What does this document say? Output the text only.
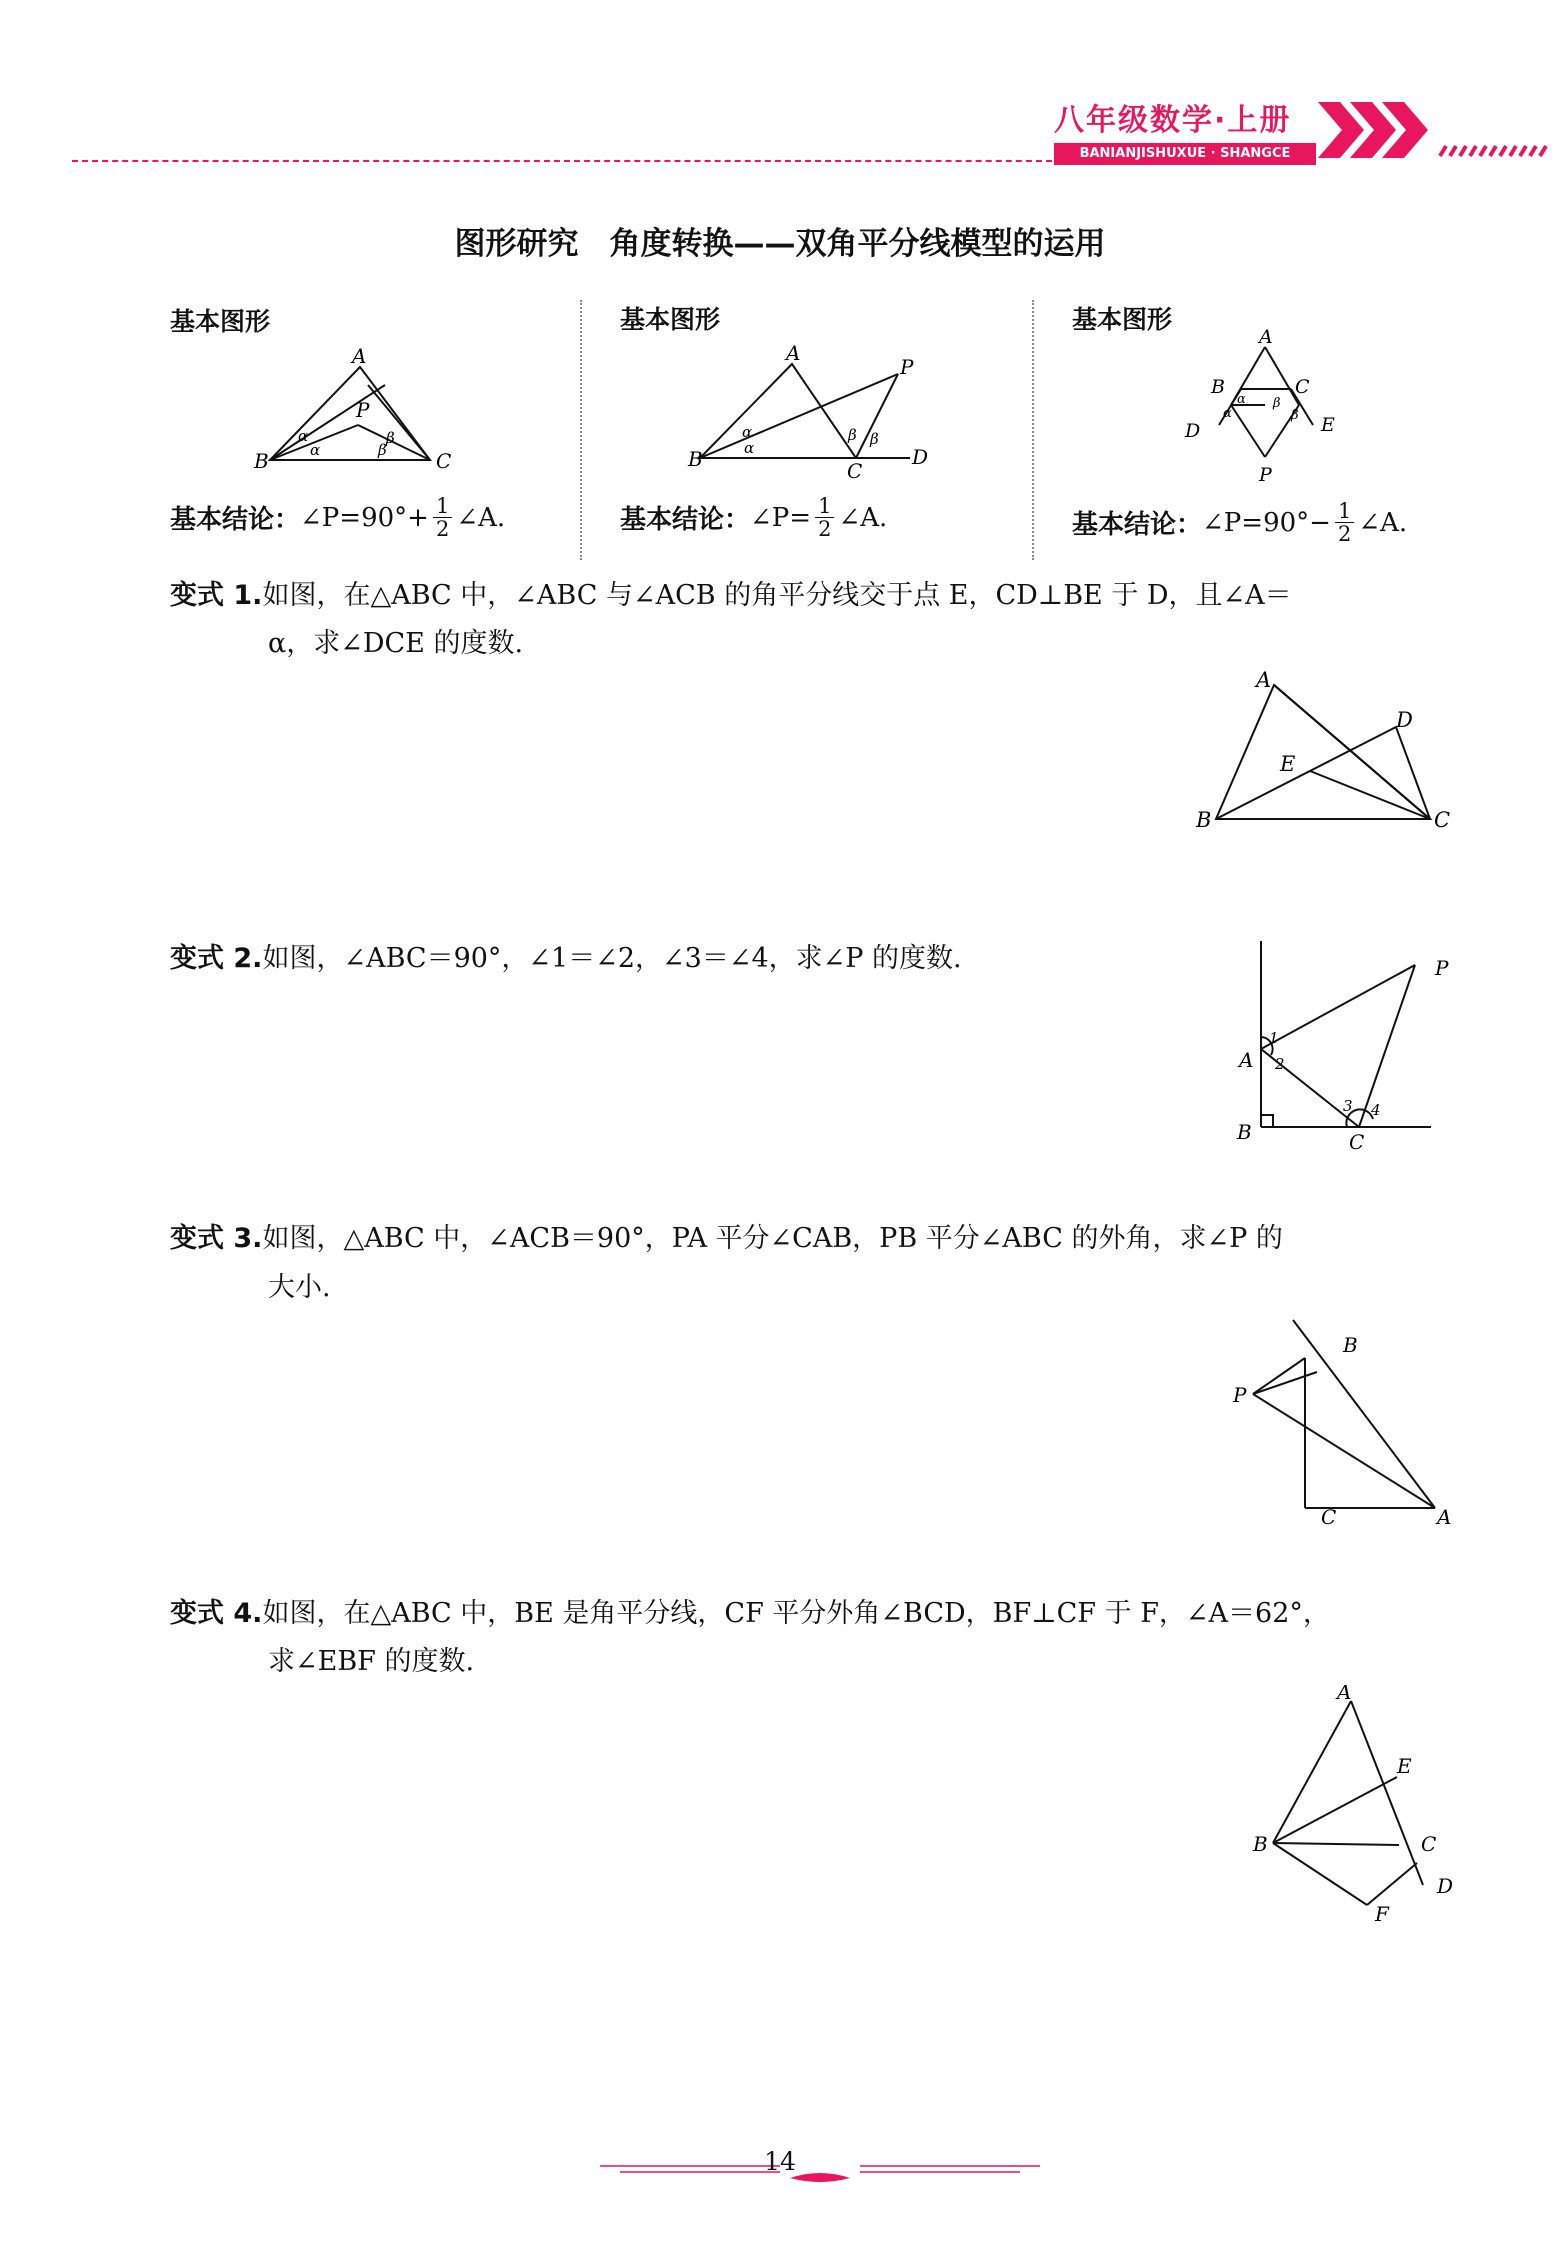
八年级数学·上册
BANIANJISHUXUE · SHANGCE
图形研究　角度转换——双角平分线模型的运用
基本图形	基本图形	基本图形
A
B	C
P
α
α
β
β
A
B	C
D
P
α
α
β β
A
B	C
D	E
P
α
α
β
β
基本结论： ∠P=90°+ $\frac{1}{2}$ ∠A.	基本结论： ∠P= $\frac{1}{2}$ ∠A.	基本结论： ∠P=90°− $\frac{1}{2}$ ∠A.
变式 1.如图，在△ABC 中，∠ABC 与∠ACB 的角平分线交于点 E，CD⊥BE 于 D，且∠A＝
α，求∠DCE 的度数.
A
B	C
D
E
变式 2.如图，∠ABC＝90°，∠1＝∠2，∠3＝∠4，求∠P 的度数.
A
B	C
P
1
2
3 4
变式 3.如图，△ABC 中，∠ACB＝90°，PA 平分∠CAB，PB 平分∠ABC 的外角，求∠P 的
大小.
B
P
C	A
变式 4.如图，在△ABC 中，BE 是角平分线，CF 平分外角∠BCD，BF⊥CF 于 F，∠A＝62°，
求∠EBF 的度数.
A
E
B	C
D
F
14
